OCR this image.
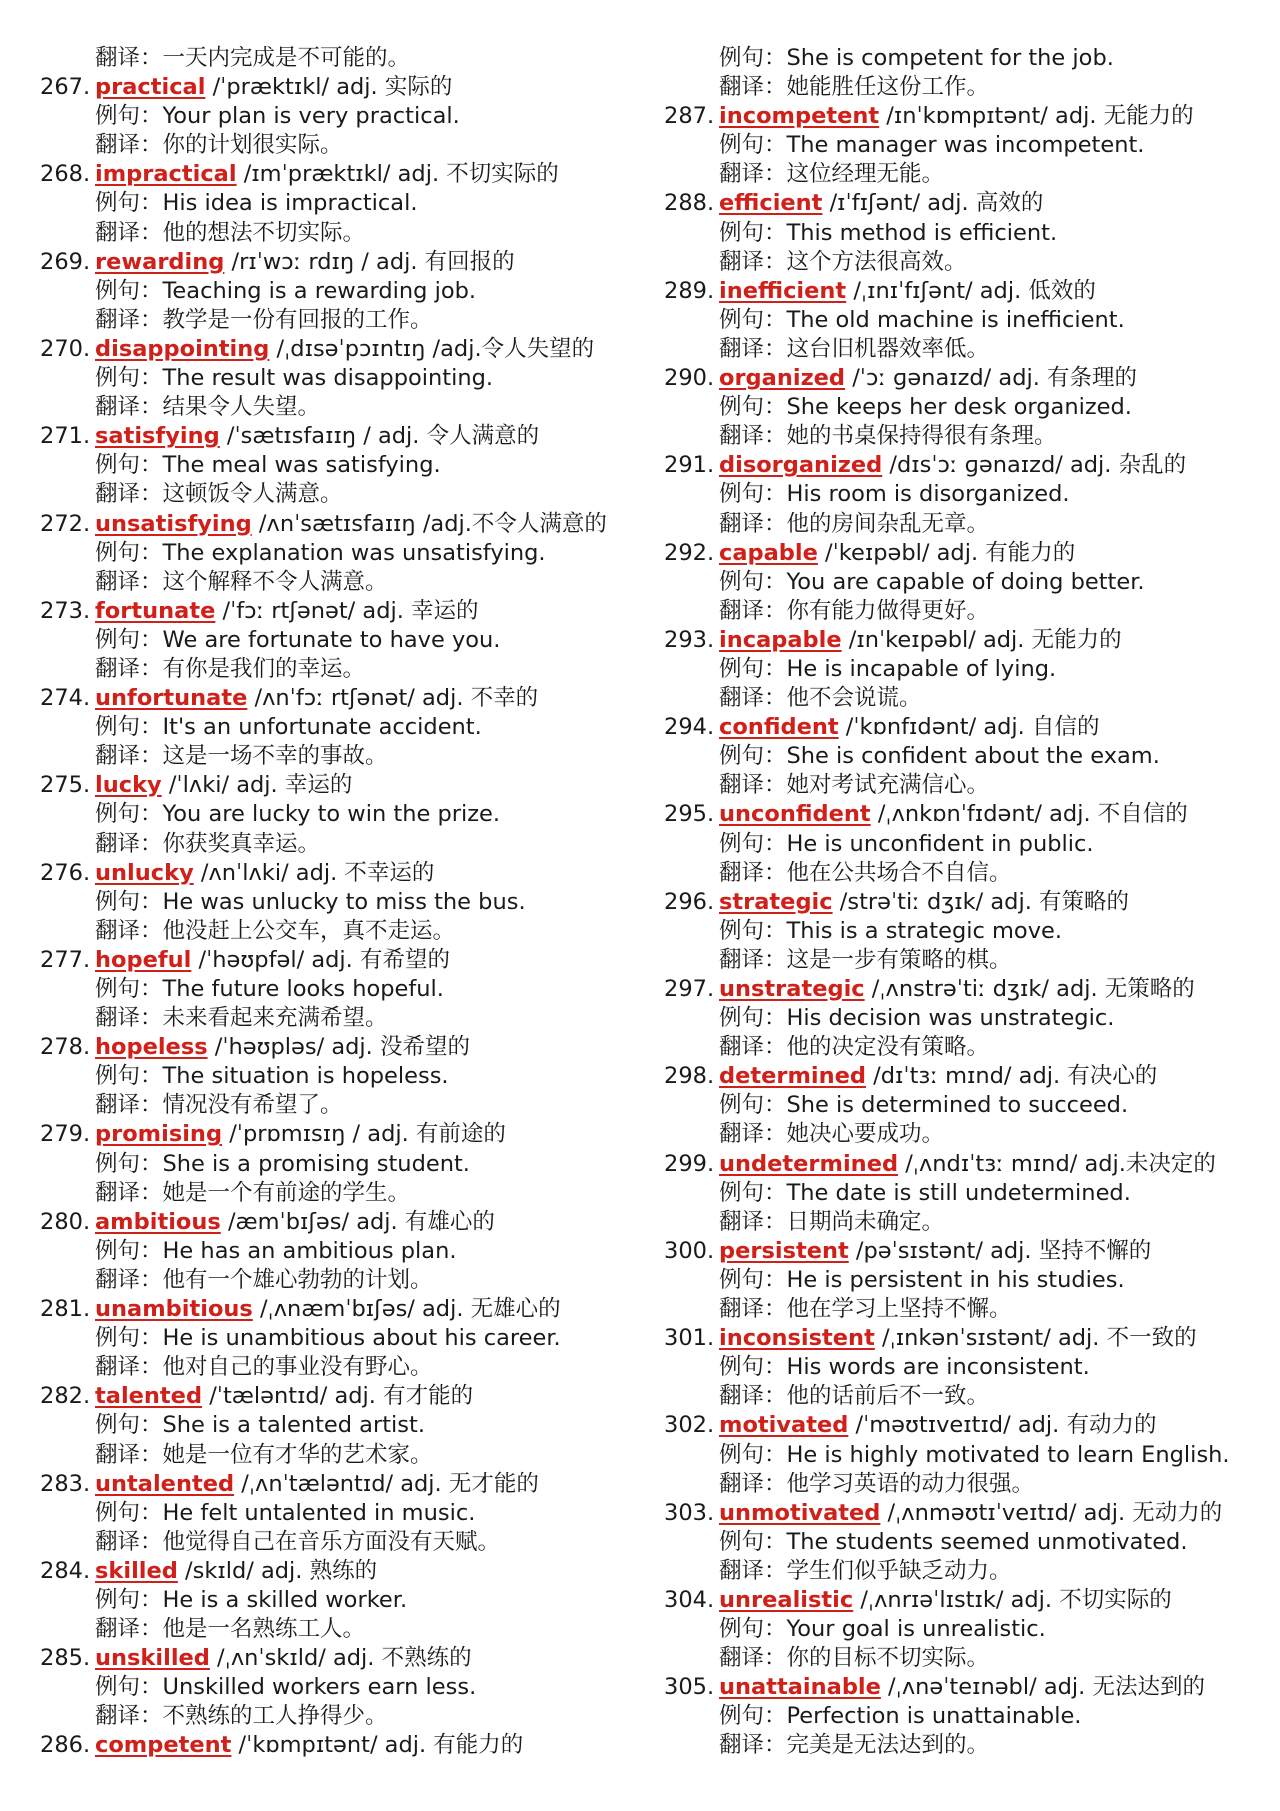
翻译：一天内完成是不可能的。
267. practical /ˈpræktɪkl/ adj. 实际的
例句：Your plan is very practical.
翻译：你的计划很实际。
268. impractical /ɪmˈpræktɪkl/ adj. 不切实际的
例句：His idea is impractical.
翻译：他的想法不切实际。
269. rewarding /rɪˈwɔː rdɪŋ / adj. 有回报的
例句：Teaching is a rewarding job.
翻译：教学是一份有回报的工作。
270. disappointing /ˌdɪsəˈpɔɪntɪŋ /adj.令人失望的
例句：The result was disappointing.
翻译：结果令人失望。
271. satisfying /ˈsætɪsfaɪɪŋ / adj. 令人满意的
例句：The meal was satisfying.
翻译：这顿饭令人满意。
272. unsatisfying /ʌnˈsætɪsfaɪɪŋ /adj.不令人满意的
例句：The explanation was unsatisfying.
翻译：这个解释不令人满意。
273. fortunate /ˈfɔː rtʃənət/ adj. 幸运的
例句：We are fortunate to have you.
翻译：有你是我们的幸运。
274. unfortunate /ʌnˈfɔː rtʃənət/ adj. 不幸的
例句：It's an unfortunate accident.
翻译：这是一场不幸的事故。
275. lucky /ˈlʌki/ adj. 幸运的
例句：You are lucky to win the prize.
翻译：你获奖真幸运。
276. unlucky /ʌnˈlʌki/ adj. 不幸运的
例句：He was unlucky to miss the bus.
翻译：他没赶上公交车，真不走运。
277. hopeful /ˈhəʊpfəl/ adj. 有希望的
例句：The future looks hopeful.
翻译：未来看起来充满希望。
278. hopeless /ˈhəʊpləs/ adj. 没希望的
例句：The situation is hopeless.
翻译：情况没有希望了。
279. promising /ˈprɒmɪsɪŋ / adj. 有前途的
例句：She is a promising student.
翻译：她是一个有前途的学生。
280. ambitious /æmˈbɪʃəs/ adj. 有雄心的
例句：He has an ambitious plan.
翻译：他有一个雄心勃勃的计划。
281. unambitious /ˌʌnæmˈbɪʃəs/ adj. 无雄心的
例句：He is unambitious about his career.
翻译：他对自己的事业没有野心。
282. talented /ˈtæləntɪd/ adj. 有才能的
例句：She is a talented artist.
翻译：她是一位有才华的艺术家。
283. untalented /ˌʌnˈtæləntɪd/ adj. 无才能的
例句：He felt untalented in music.
翻译：他觉得自己在音乐方面没有天赋。
284. skilled /skɪld/ adj. 熟练的
例句：He is a skilled worker.
翻译：他是一名熟练工人。
285. unskilled /ˌʌnˈskɪld/ adj. 不熟练的
例句：Unskilled workers earn less.
翻译：不熟练的工人挣得少。
286. competent /ˈkɒmpɪtənt/ adj. 有能力的
例句：She is competent for the job.
翻译：她能胜任这份工作。
287. incompetent /ɪnˈkɒmpɪtənt/ adj. 无能力的
例句：The manager was incompetent.
翻译：这位经理无能。
288. efficient /ɪˈfɪʃənt/ adj. 高效的
例句：This method is efficient.
翻译：这个方法很高效。
289. inefficient /ˌɪnɪˈfɪʃənt/ adj. 低效的
例句：The old machine is inefficient.
翻译：这台旧机器效率低。
290. organized /ˈɔː ɡənaɪzd/ adj. 有条理的
例句：She keeps her desk organized.
翻译：她的书桌保持得很有条理。
291. disorganized /dɪsˈɔː ɡənaɪzd/ adj. 杂乱的
例句：His room is disorganized.
翻译：他的房间杂乱无章。
292. capable /ˈkeɪpəbl/ adj. 有能力的
例句：You are capable of doing better.
翻译：你有能力做得更好。
293. incapable /ɪnˈkeɪpəbl/ adj. 无能力的
例句：He is incapable of lying.
翻译：他不会说谎。
294. confident /ˈkɒnfɪdənt/ adj. 自信的
例句：She is confident about the exam.
翻译：她对考试充满信心。
295. unconfident /ˌʌnkɒnˈfɪdənt/ adj. 不自信的
例句：He is unconfident in public.
翻译：他在公共场合不自信。
296. strategic /strəˈtiː dʒɪk/ adj. 有策略的
例句：This is a strategic move.
翻译：这是一步有策略的棋。
297. unstrategic /ˌʌnstrəˈtiː dʒɪk/ adj. 无策略的
例句：His decision was unstrategic.
翻译：他的决定没有策略。
298. determined /dɪˈtɜː mɪnd/ adj. 有决心的
例句：She is determined to succeed.
翻译：她决心要成功。
299. undetermined /ˌʌndɪˈtɜː mɪnd/ adj.未决定的
例句：The date is still undetermined.
翻译：日期尚未确定。
300. persistent /pəˈsɪstənt/ adj. 坚持不懈的
例句：He is persistent in his studies.
翻译：他在学习上坚持不懈。
301. inconsistent /ˌɪnkənˈsɪstənt/ adj. 不一致的
例句：His words are inconsistent.
翻译：他的话前后不一致。
302. motivated /ˈməʊtɪveɪtɪd/ adj. 有动力的
例句：He is highly motivated to learn English.
翻译：他学习英语的动力很强。
303. unmotivated /ˌʌnməʊtɪˈveɪtɪd/ adj. 无动力的
例句：The students seemed unmotivated.
翻译：学生们似乎缺乏动力。
304. unrealistic /ˌʌnrɪəˈlɪstɪk/ adj. 不切实际的
例句：Your goal is unrealistic.
翻译：你的目标不切实际。
305. unattainable /ˌʌnəˈteɪnəbl/ adj. 无法达到的
例句：Perfection is unattainable.
翻译：完美是无法达到的。
